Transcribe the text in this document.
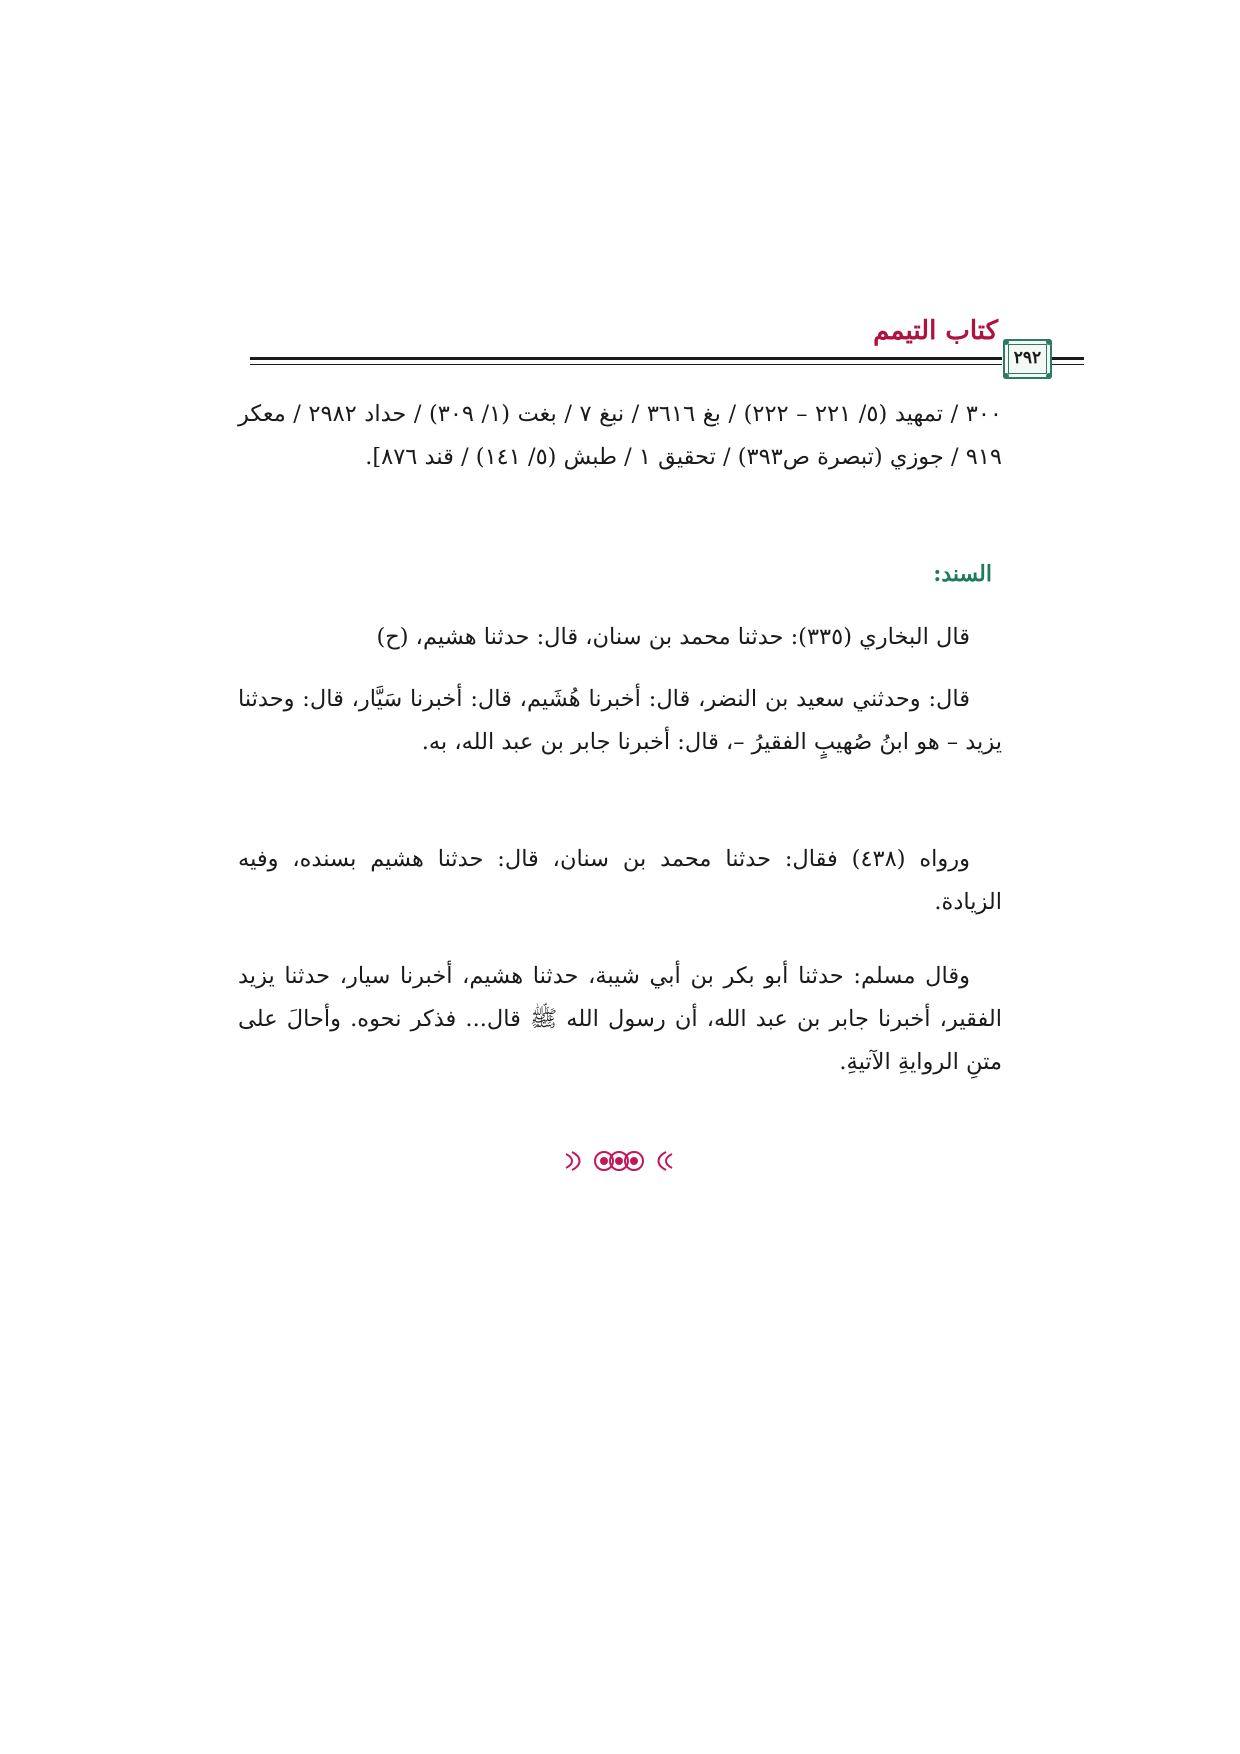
كتاب التيمم
٢٩٢
٣٠٠ / تمهيد (٥/ ٢٢١ – ٢٢٢) / بغ ٣٦١٦ / نبغ ٧ / بغت (١/ ٣٠٩) / حداد ٢٩٨٢ / معكر ٩١٩ / جوزي (تبصرة ص٣٩٣) / تحقيق ١ / طبش (٥/ ١٤١) / قند ٨٧٦].
السند:
قال البخاري (٣٣٥): حدثنا محمد بن سنان، قال: حدثنا هشيم، (ح)
قال: وحدثني سعيد بن النضر، قال: أخبرنا هُشَيم، قال: أخبرنا سَيَّار، قال: وحدثنا يزيد – هو ابنُ صُهيبٍ الفقيرُ –، قال: أخبرنا جابر بن عبد الله، به.
ورواه (٤٣٨) فقال: حدثنا محمد بن سنان، قال: حدثنا هشيم بسنده، وفيه الزيادة.
وقال مسلم: حدثنا أبو بكر بن أبي شيبة، حدثنا هشيم، أخبرنا سيار، حدثنا يزيد الفقير، أخبرنا جابر بن عبد الله، أن رسول الله ﷺ قال... فذكر نحوه. وأحالَ على متنِ الروايةِ الآتيةِ.
